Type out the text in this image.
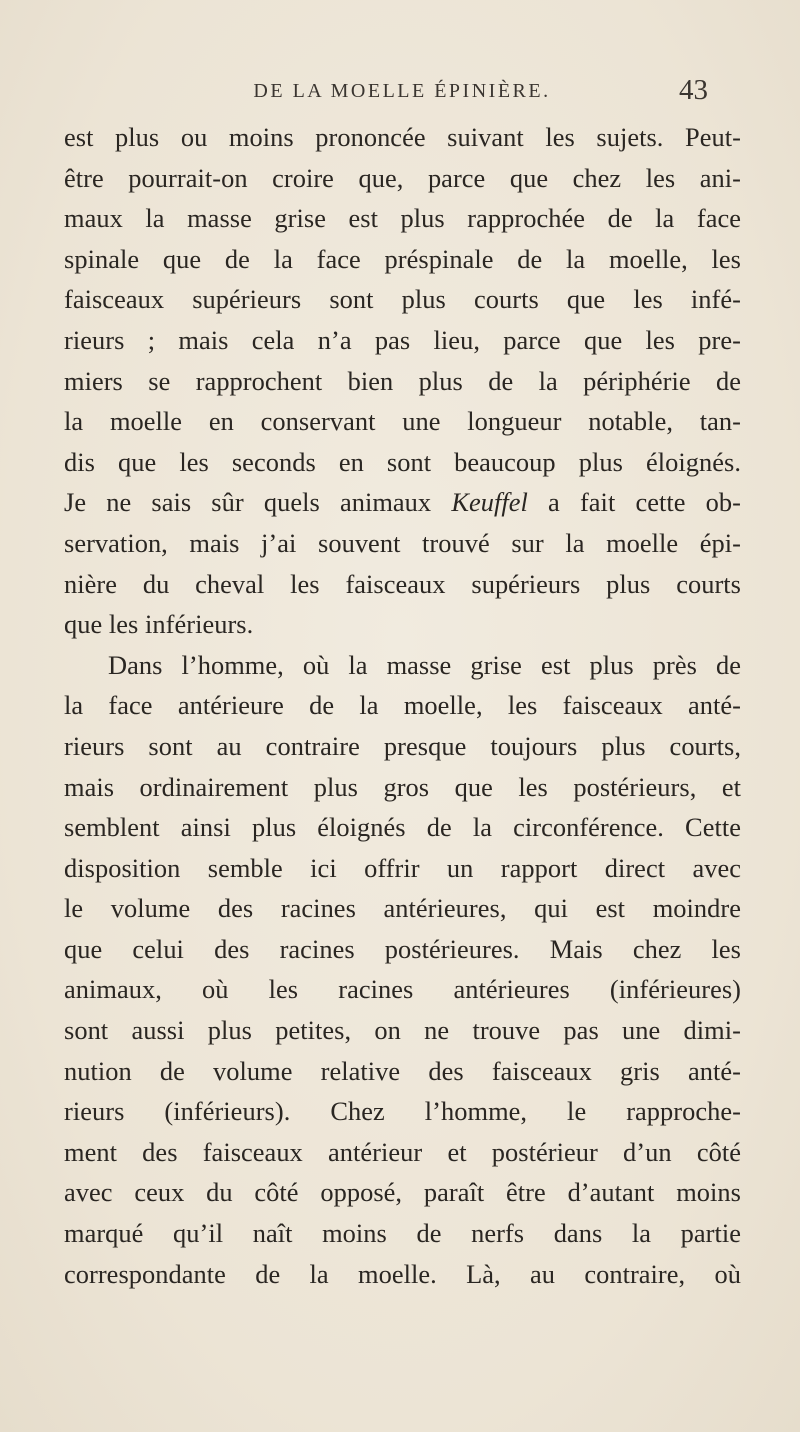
DE LA MOELLE ÉPINIÈRE.	43
est plus ou moins prononcée suivant les sujets. Peut-
être pourrait-on croire que, parce que chez les ani-
maux la masse grise est plus rapprochée de la face
spinale que de la face préspinale de la moelle, les
faisceaux supérieurs sont plus courts que les infé-
rieurs ; mais cela n’a pas lieu, parce que les pre-
miers se rapprochent bien plus de la périphérie de
la moelle en conservant une longueur notable, tan-
dis que les seconds en sont beaucoup plus éloignés.
Je ne sais sûr quels animaux Keuffel a fait cette ob-
servation, mais j’ai souvent trouvé sur la moelle épi-
nière du cheval les faisceaux supérieurs plus courts
que les inférieurs.
Dans l’homme, où la masse grise est plus près de
la face antérieure de la moelle, les faisceaux anté-
rieurs sont au contraire presque toujours plus courts,
mais ordinairement plus gros que les postérieurs, et
semblent ainsi plus éloignés de la circonférence. Cette
disposition semble ici offrir un rapport direct avec
le volume des racines antérieures, qui est moindre
que celui des racines postérieures. Mais chez les
animaux, où les racines antérieures (inférieures)
sont aussi plus petites, on ne trouve pas une dimi-
nution de volume relative des faisceaux gris anté-
rieurs (inférieurs). Chez l’homme, le rapproche-
ment des faisceaux antérieur et postérieur d’un côté
avec ceux du côté opposé, paraît être d’autant moins
marqué qu’il naît moins de nerfs dans la partie
correspondante de la moelle. Là, au contraire, où
